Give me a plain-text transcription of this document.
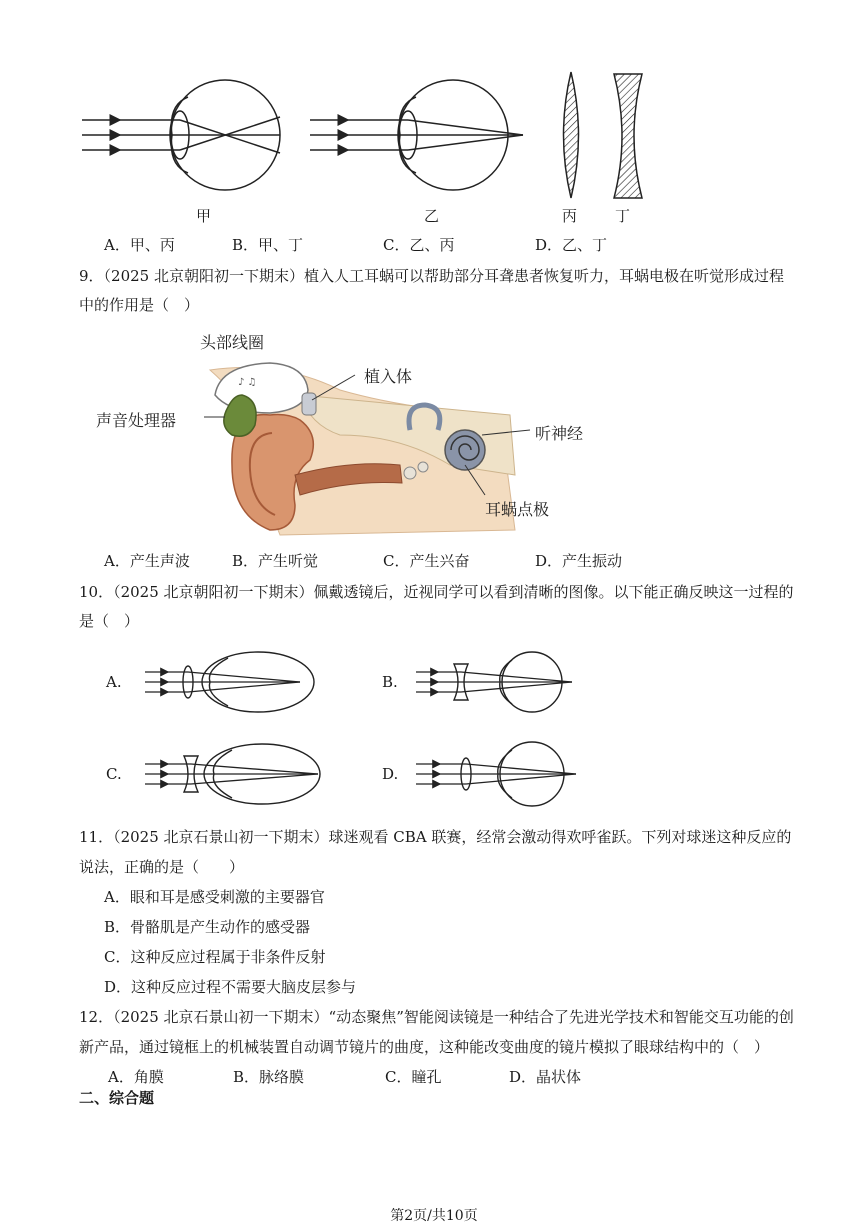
甲	乙	丙	丁
A．甲、丙	B．甲、丁	C．乙、丙	D．乙、丁
9．（2025 北京朝阳初一下期末）植入人工耳蜗可以帮助部分耳聋患者恢复听力，耳蜗电极在听觉形成过程
中的作用是（　）
♪ ♫
头部线圈
植入体
声音处理器
听神经
耳蜗点极
A．产生声波	B．产生听觉	C．产生兴奋	D．产生振动
10．（2025 北京朝阳初一下期末）佩戴透镜后，近视同学可以看到清晰的图像。以下能正确反映这一过程的
是（　）
A.	B.
C.	D.
11．（2025 北京石景山初一下期末）球迷观看 CBA 联赛，经常会激动得欢呼雀跃。下列对球迷这种反应的
说法，正确的是（　　）
A．眼和耳是感受刺激的主要器官
B．骨骼肌是产生动作的感受器
C．这种反应过程属于非条件反射
D．这种反应过程不需要大脑皮层参与
12．（2025 北京石景山初一下期末）“动态聚焦”智能阅读镜是一种结合了先进光学技术和智能交互功能的创
新产品，通过镜框上的机械装置自动调节镜片的曲度，这种能改变曲度的镜片模拟了眼球结构中的（　）
A．角膜	B．脉络膜	C．瞳孔	D．晶状体
二、综合题
第2页/共10页
